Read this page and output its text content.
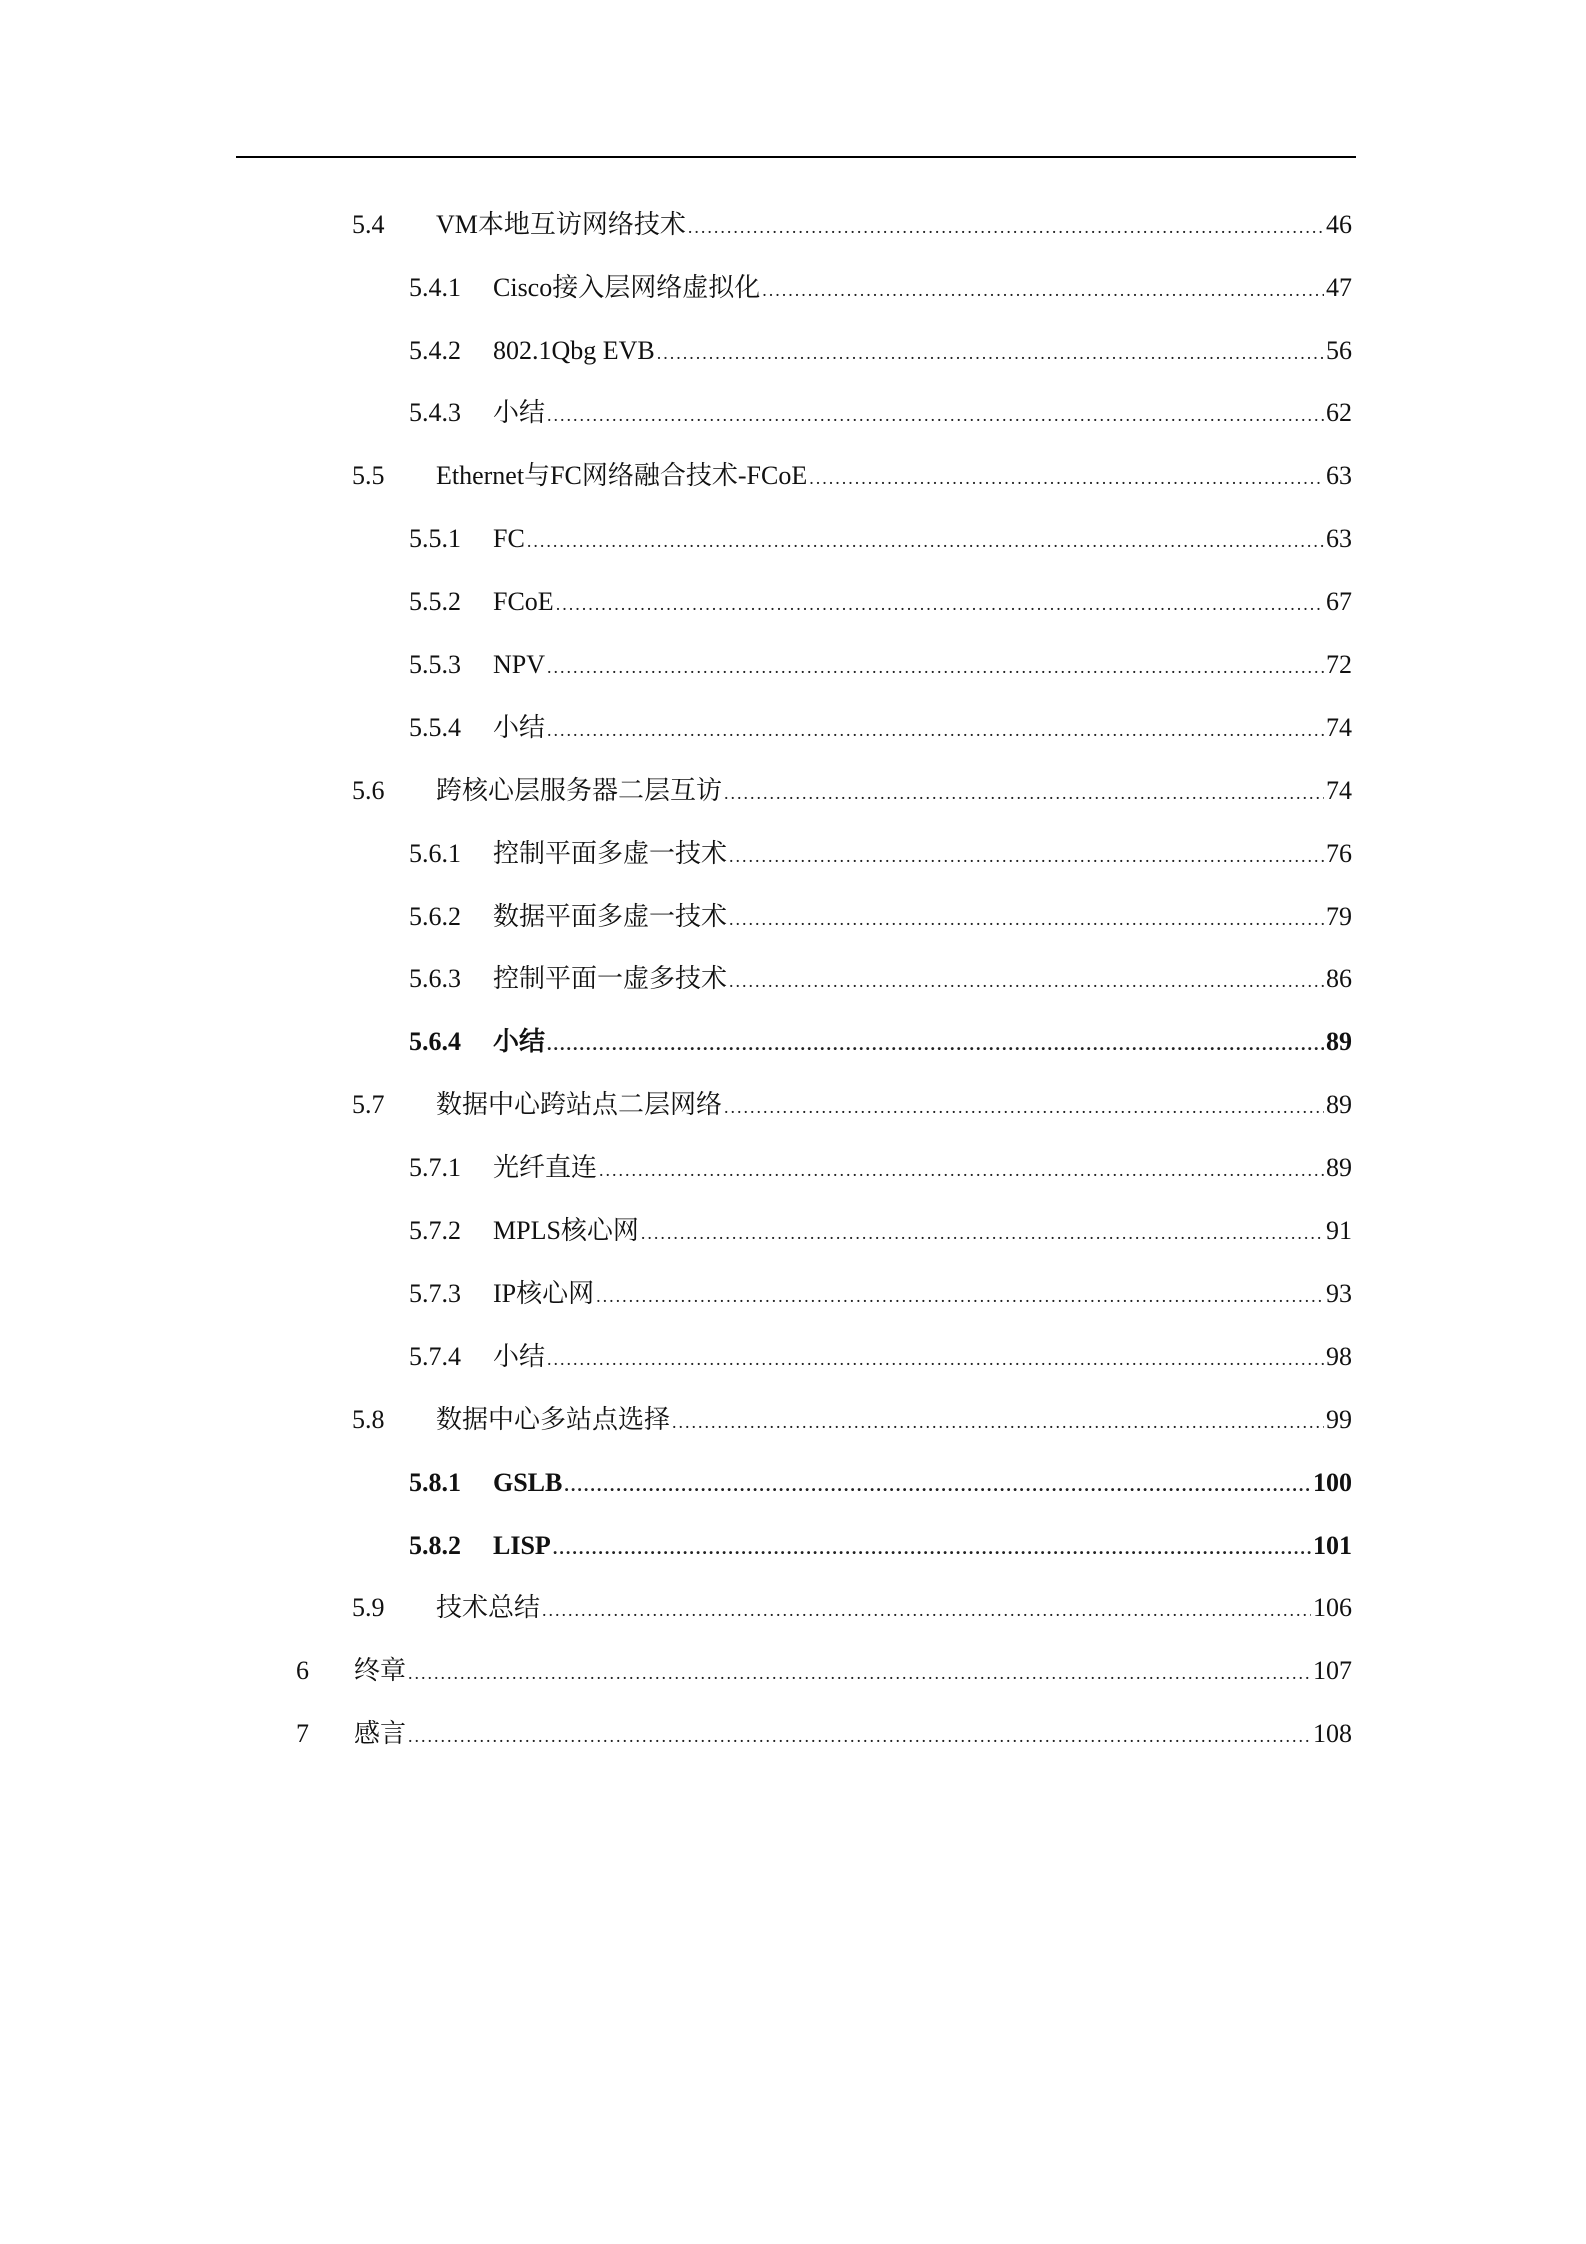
5.4	VM本地互访网络技术 .....	46
5.4.1	Cisco接入层网络虚拟化 .....	47
5.4.2	802.1Qbg EVB .....	56
5.4.3	小结 .....	62
5.5	Ethernet与FC网络融合技术-FCoE .....	63
5.5.1	FC .....	63
5.5.2	FCoE .....	67
5.5.3	NPV .....	72
5.5.4	小结 .....	74
5.6	跨核心层服务器二层互访 .....	74
5.6.1	控制平面多虚一技术 .....	76
5.6.2	数据平面多虚一技术 .....	79
5.6.3	控制平面一虚多技术 .....	86
5.6.4	小结 .....	89
5.7	数据中心跨站点二层网络 .....	89
5.7.1	光纤直连 .....	89
5.7.2	MPLS核心网 .....	91
5.7.3	IP核心网 .....	93
5.7.4	小结 .....	98
5.8	数据中心多站点选择 .....	99
5.8.1	GSLB .....	100
5.8.2	LISP .....	101
5.9	技术总结 .....	106
6	终章 .....	107
7	感言 .....	108
